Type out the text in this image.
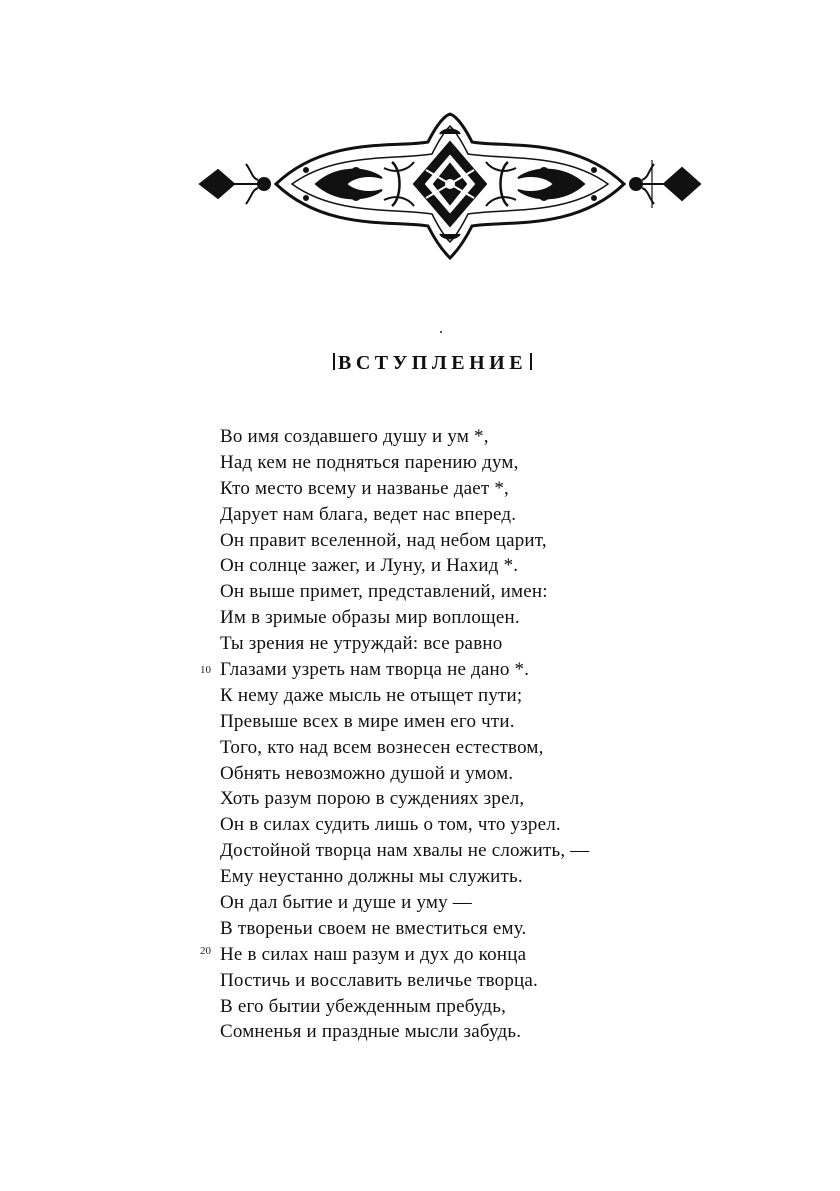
ВСТУПЛЕНИЕ
Во имя создавшего душу и ум *,
Над кем не подняться парению дум,
Кто место всему и названье дает *,
Дарует нам блага, ведет нас вперед.
Он правит вселенной, над небом царит,
Он солнце зажег, и Луну, и Нахид *.
Он выше примет, представлений, имен:
Им в зримые образы мир воплощен.
Ты зрения не утруждай: все равно
Глазами узреть нам творца не дано *.
К нему даже мысль не отыщет пути;
Превыше всех в мире имен его чти.
Того, кто над всем вознесен естеством,
Обнять невозможно душой и умом.
Хоть разум порою в суждениях зрел,
Он в силах судить лишь о том, что узрел.
Достойной творца нам хвалы не сложить, —
Ему неустанно должны мы служить.
Он дал бытие и душе и уму —
В твореньи своем не вместиться ему.
Не в силах наш разум и дух до конца
Постичь и восславить величье творца.
В его бытии убежденным пребудь,
Сомненья и праздные мысли забудь.
10
20
